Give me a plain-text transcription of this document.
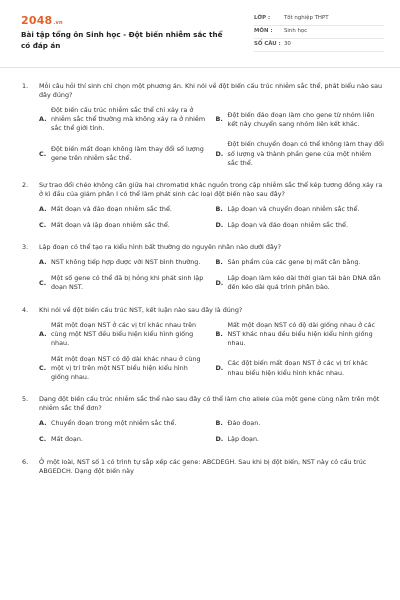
2048.vn
Bài tập tổng ôn Sinh học - Đột biến nhiễm sắc thể có đáp án
LỚP :	Tốt nghiệp THPT
MÔN :	Sinh học
SỐ CÂU : 30
1.	Mỗi câu hỏi thí sinh chỉ chọn một phương án. Khi nói về đột biến cấu trúc nhiễm sắc thể, phát biểu nào sau đây đúng?
A.
Đột biến cấu trúc nhiễm sắc thể chỉ xảy ra ở nhiễm sắc thể thường mà không xảy ra ở nhiễm sắc thể giới tính.
B.
Đột biến đảo đoạn làm cho gene từ nhóm liên kết này chuyển sang nhóm liên kết khác.
C.
Đột biến mất đoạn không làm thay đổi số lượng gene trên nhiễm sắc thể.
D.
Đột biến chuyển đoạn có thể không làm thay đổi số lượng và thành phần gene của một nhiễm sắc thể.
2.	Sự trao đổi chéo không cân giữa hai chromatid khác nguồn trong cặp nhiễm sắc thể kép tương đồng xảy ra ở kì đầu của giảm phân I có thể làm phát sinh các loại đột biến nào sau đây?
A. Mất đoạn và đảo đoạn nhiễm sắc thể.	B. Lặp đoạn và chuyển đoạn nhiễm sắc thể.
C. Mất đoạn và lặp đoạn nhiễm sắc thể.	D. Lặp đoạn và đảo đoạn nhiễm sắc thể.
3.	Lặp đoạn có thể tạo ra kiểu hình bất thường do nguyên nhân nào dưới đây?
A. NST không tiếp hợp được với NST bình thường.	B. Sản phẩm của các gene bị mất cân bằng.
C.
Một số gene có thể đã bị hỏng khi phát sinh lặp đoạn NST.
D.
Lặp đoạn làm kéo dài thời gian tái bản DNA dẫn đến kéo dài quá trình phân bào.
4.	Khi nói về đột biến cấu trúc NST, kết luận nào sau đây là đúng?
A.
Mất một đoạn NST ở các vị trí khác nhau trên cùng một NST đều biểu hiện kiểu hình giống nhau.
B.
Mất một đoạn NST có độ dài giống nhau ở các NST khác nhau đều biểu hiện kiểu hình giống nhau.
C.
Mất một đoạn NST có độ dài khác nhau ở cùng một vị trí trên một NST biểu hiện kiểu hình giống nhau.
D.
Các đột biến mất đoạn NST ở các vị trí khác nhau biểu hiện kiểu hình khác nhau.
5.	Dạng đột biến cấu trúc nhiễm sắc thể nào sau đây có thể làm cho allele của một gene cùng nằm trên một nhiễm sắc thể đơn?
A. Chuyển đoạn trong một nhiễm sắc thể.	B. Đảo đoạn.
C. Mất đoạn.	D. Lặp đoạn.
6.	Ở một loài, NST số 1 có trình tự sắp xếp các gene: ABCDEGH. Sau khi bị đột biến, NST này có cấu trúc ABGEDCH. Dạng đột biến này
